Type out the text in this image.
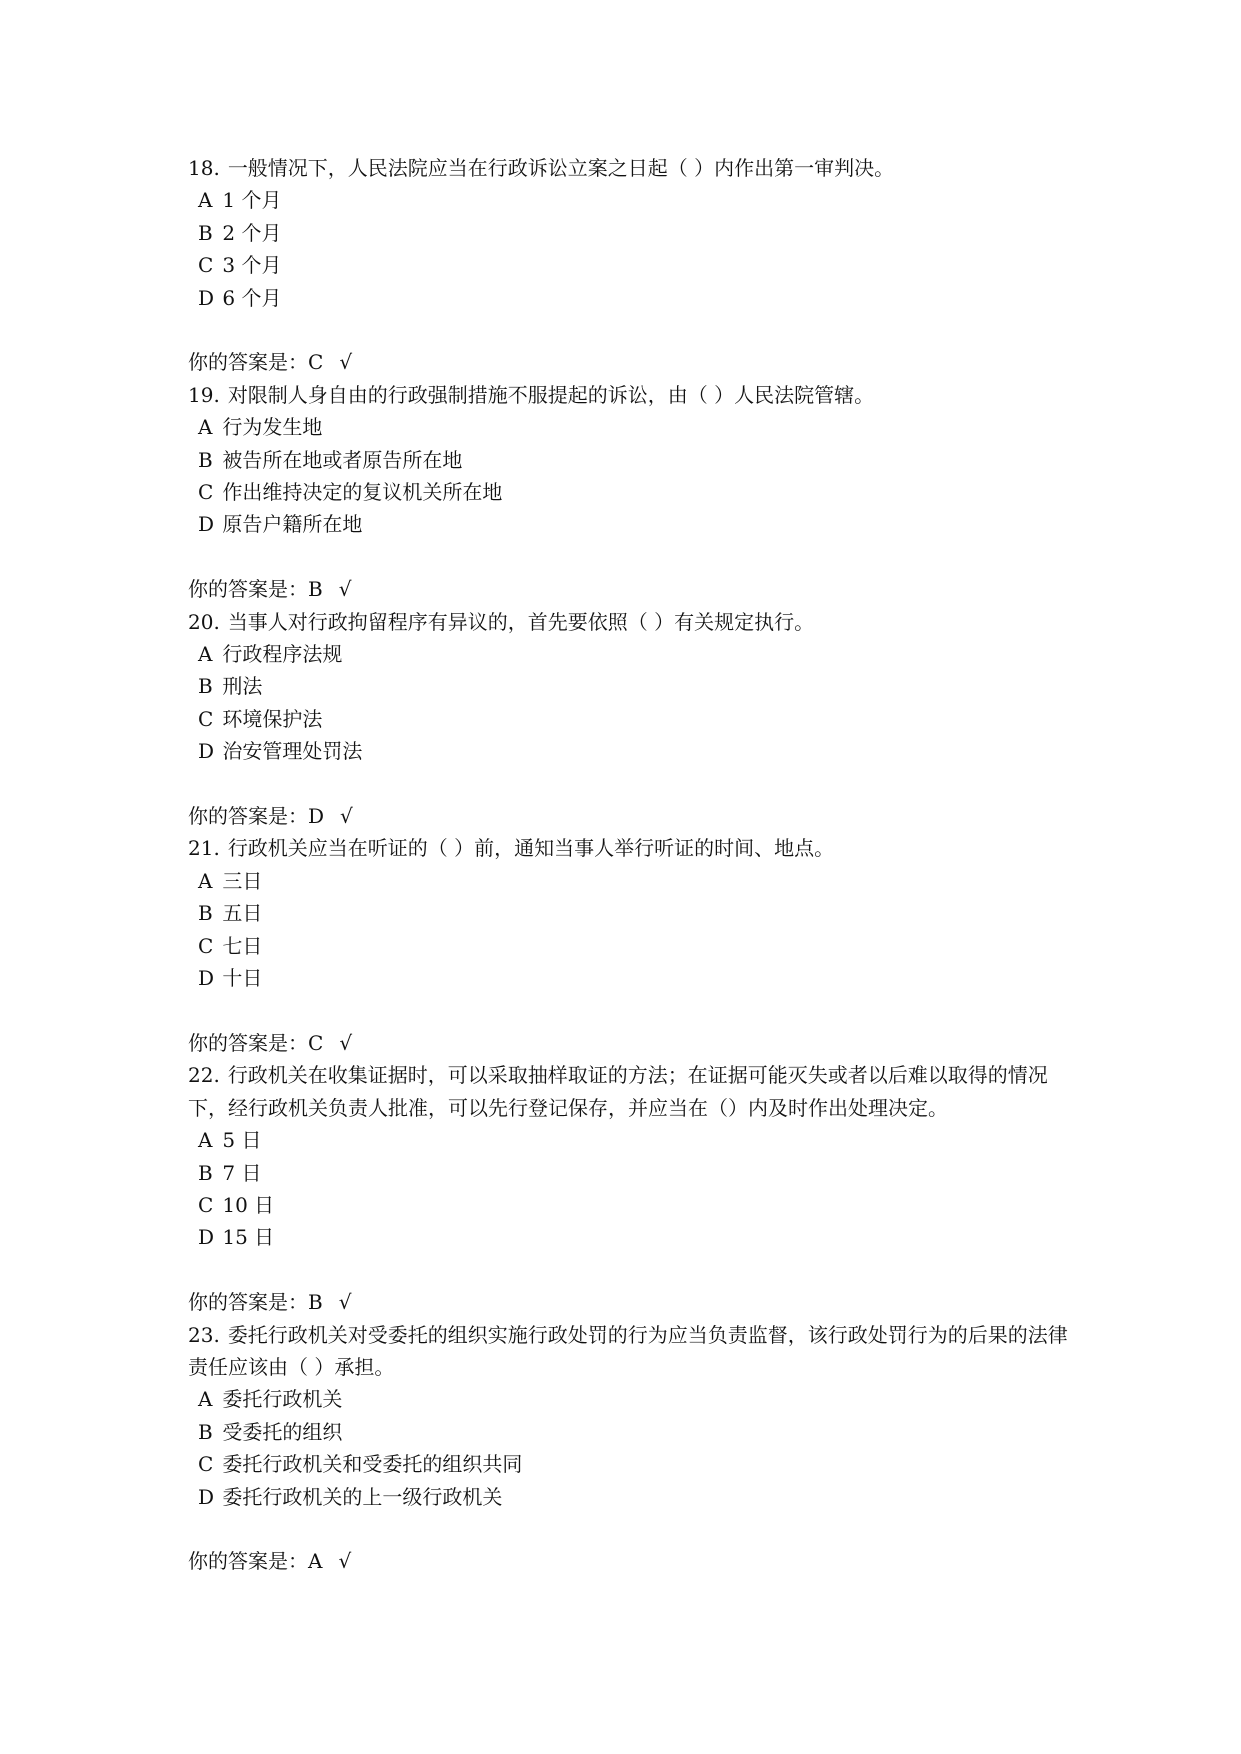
18. 一般情况下，人民法院应当在行政诉讼立案之日起（ ）内作出第一审判决。

A 1 个月
B 2 个月
C 3 个月
D 6 个月

你的答案是：C √

19. 对限制人身自由的行政强制措施不服提起的诉讼，由（ ）人民法院管辖。

A 行为发生地
B 被告所在地或者原告所在地
C 作出维持决定的复议机关所在地
D 原告户籍所在地

你的答案是：B √

20. 当事人对行政拘留程序有异议的，首先要依照（ ）有关规定执行。

A 行政程序法规
B 刑法
C 环境保护法
D 治安管理处罚法

你的答案是：D √

21. 行政机关应当在听证的（ ）前，通知当事人举行听证的时间、地点。

A 三日
B 五日
C 七日
D 十日

你的答案是：C √

22. 行政机关在收集证据时，可以采取抽样取证的方法；在证据可能灭失或者以后难以取得的情况下，经行政机关负责人批准，可以先行登记保存，并应当在（）内及时作出处理决定。

A 5 日
B 7 日
C 10 日
D 15 日

你的答案是：B √

23. 委托行政机关对受委托的组织实施行政处罚的行为应当负责监督，该行政处罚行为的后果的法律责任应该由（ ）承担。

A 委托行政机关
B 受委托的组织
C 委托行政机关和受委托的组织共同
D 委托行政机关的上一级行政机关

你的答案是：A √
